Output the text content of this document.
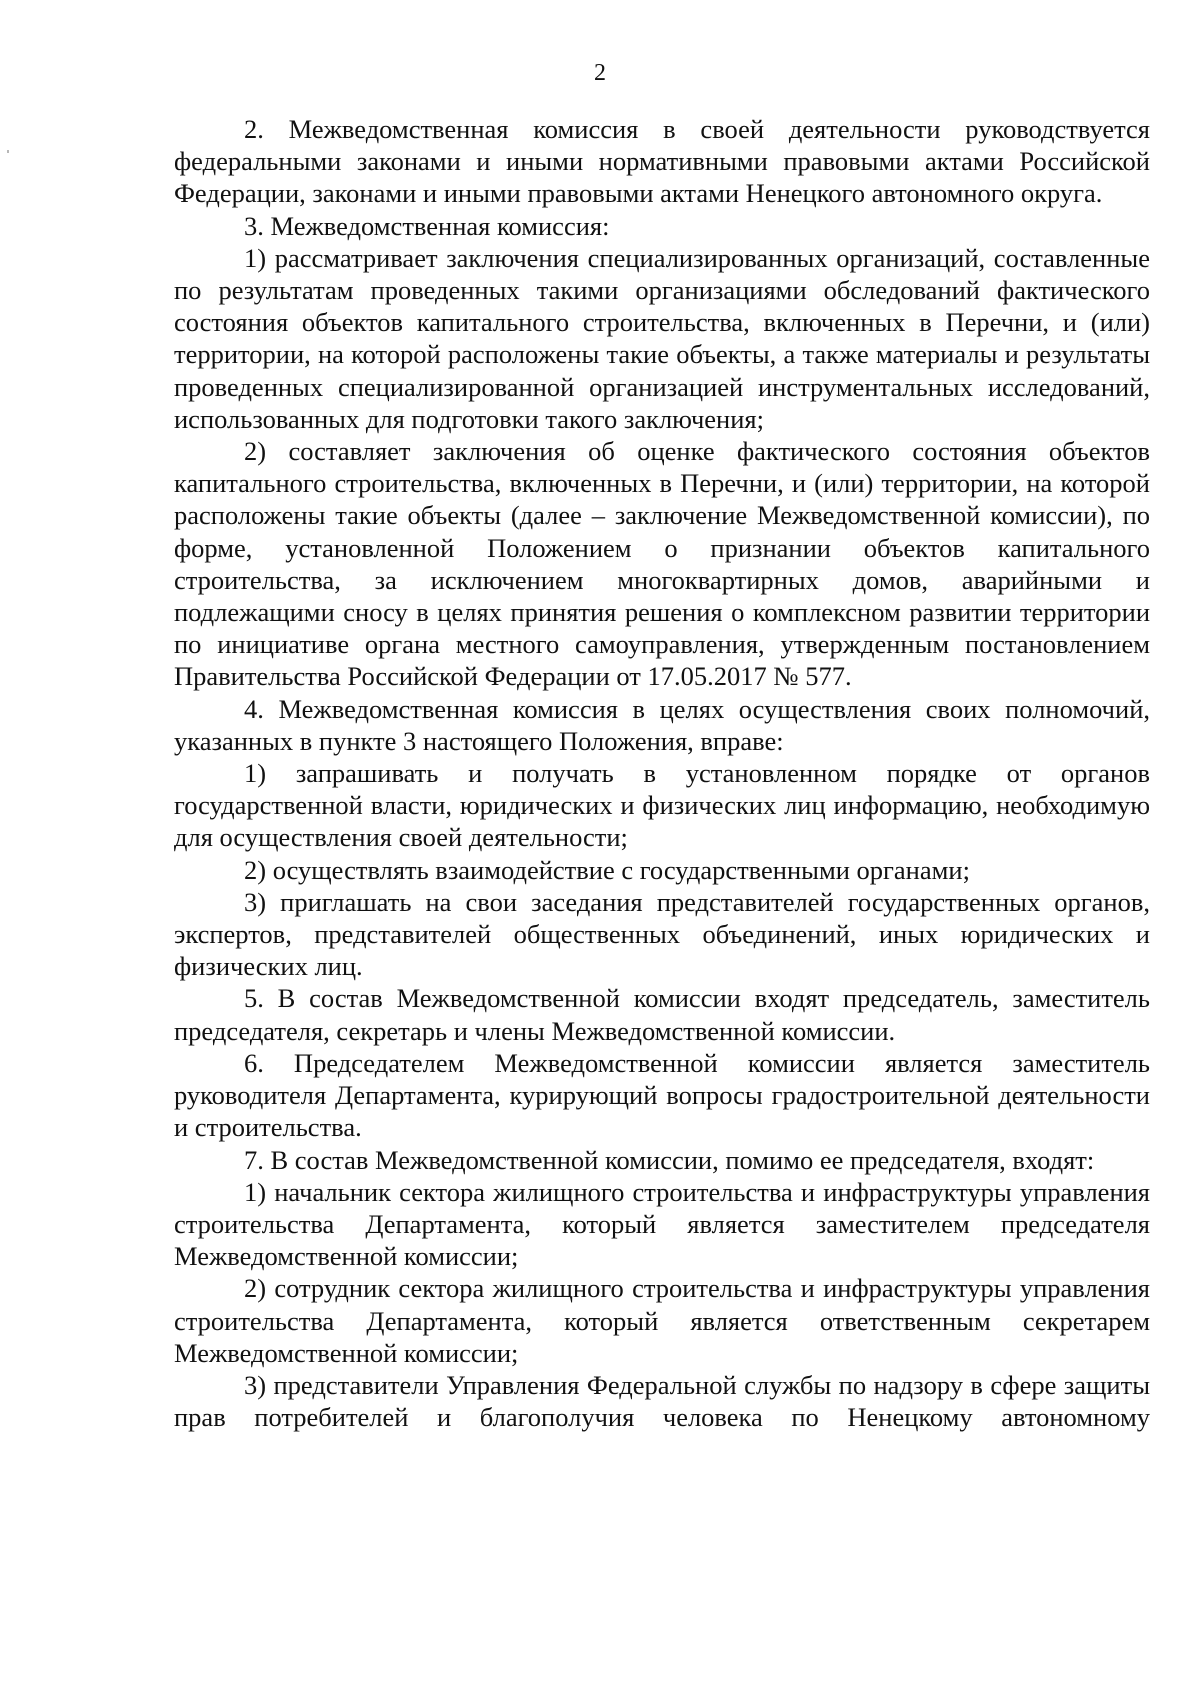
2

2. Межведомственная комиссия в своей деятельности руководствуется федеральными законами и иными нормативными правовыми актами Российской Федерации, законами и иными правовыми актами Ненецкого автономного округа.

3. Межведомственная комиссия:

1) рассматривает заключения специализированных организаций, составленные по результатам проведенных такими организациями обследований фактического состояния объектов капитального строительства, включенных в Перечни, и (или) территории, на которой расположены такие объекты, а также материалы и результаты проведенных специализированной организацией инструментальных исследований, использованных для подготовки такого заключения;

2) составляет заключения об оценке фактического состояния объектов капитального строительства, включенных в Перечни, и (или) территории, на которой расположены такие объекты (далее – заключение Межведомственной комиссии), по форме, установленной Положением о признании объектов капитального строительства, за исключением многоквартирных домов, аварийными и подлежащими сносу в целях принятия решения о комплексном развитии территории по инициативе органа местного самоуправления, утвержденным постановлением Правительства Российской Федерации от 17.05.2017 № 577.

4. Межведомственная комиссия в целях осуществления своих полномочий, указанных в пункте 3 настоящего Положения, вправе:

1) запрашивать и получать в установленном порядке от органов государственной власти, юридических и физических лиц информацию, необходимую для осуществления своей деятельности;

2) осуществлять взаимодействие с государственными органами;

3) приглашать на свои заседания представителей государственных органов, экспертов, представителей общественных объединений, иных юридических и физических лиц.

5. В состав Межведомственной комиссии входят председатель, заместитель председателя, секретарь и члены Межведомственной комиссии.

6. Председателем Межведомственной комиссии является заместитель руководителя Департамента, курирующий вопросы градостроительной деятельности и строительства.

7. В состав Межведомственной комиссии, помимо ее председателя, входят:

1) начальник сектора жилищного строительства и инфраструктуры управления строительства Департамента, который является заместителем председателя Межведомственной комиссии;

2) сотрудник сектора жилищного строительства и инфраструктуры управления строительства Департамента, который является ответственным секретарем Межведомственной комиссии;

3) представители Управления Федеральной службы по надзору в сфере защиты прав потребителей и благополучия человека по Ненецкому автономному
